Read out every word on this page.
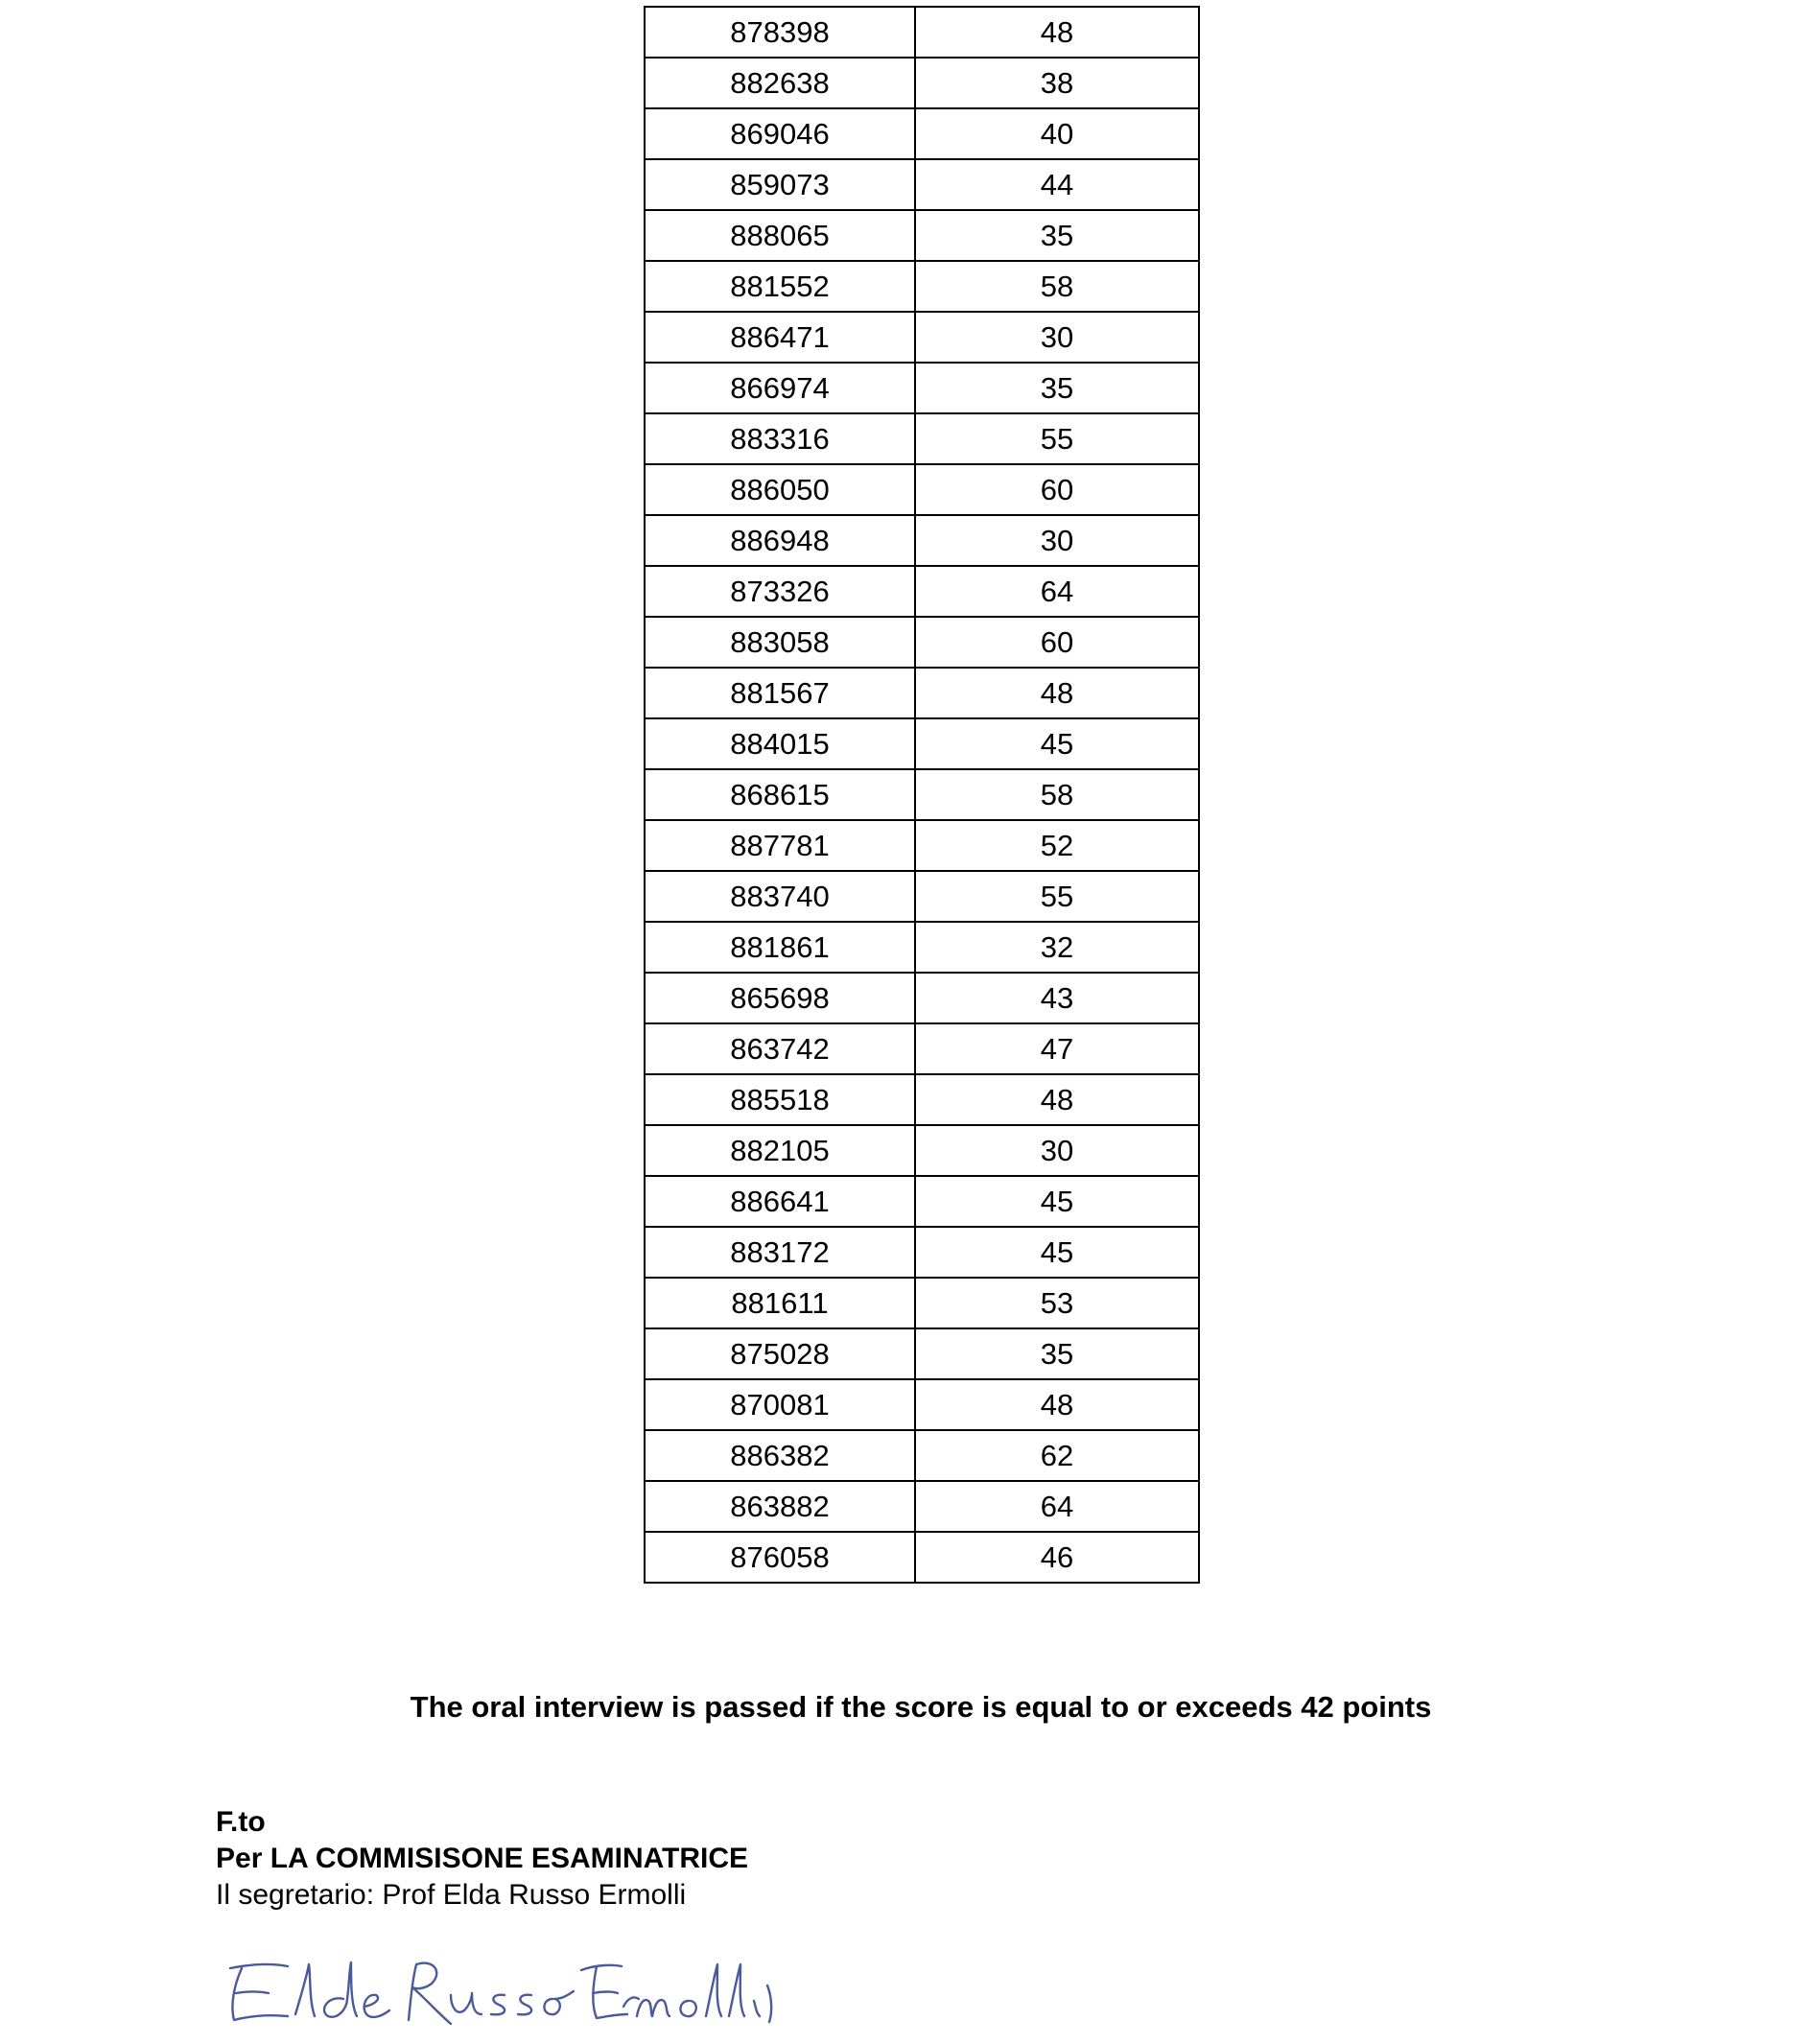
878398	48
882638	38
869046	40
859073	44
888065	35
881552	58
886471	30
866974	35
883316	55
886050	60
886948	30
873326	64
883058	60
881567	48
884015	45
868615	58
887781	52
883740	55
881861	32
865698	43
863742	47
885518	48
882105	30
886641	45
883172	45
881611	53
875028	35
870081	48
886382	62
863882	64
876058	46
The oral interview is passed if the score is equal to or exceeds 42 points
F.to
Per LA COMMISISONE ESAMINATRICE
Il segretario: Prof Elda Russo Ermolli
